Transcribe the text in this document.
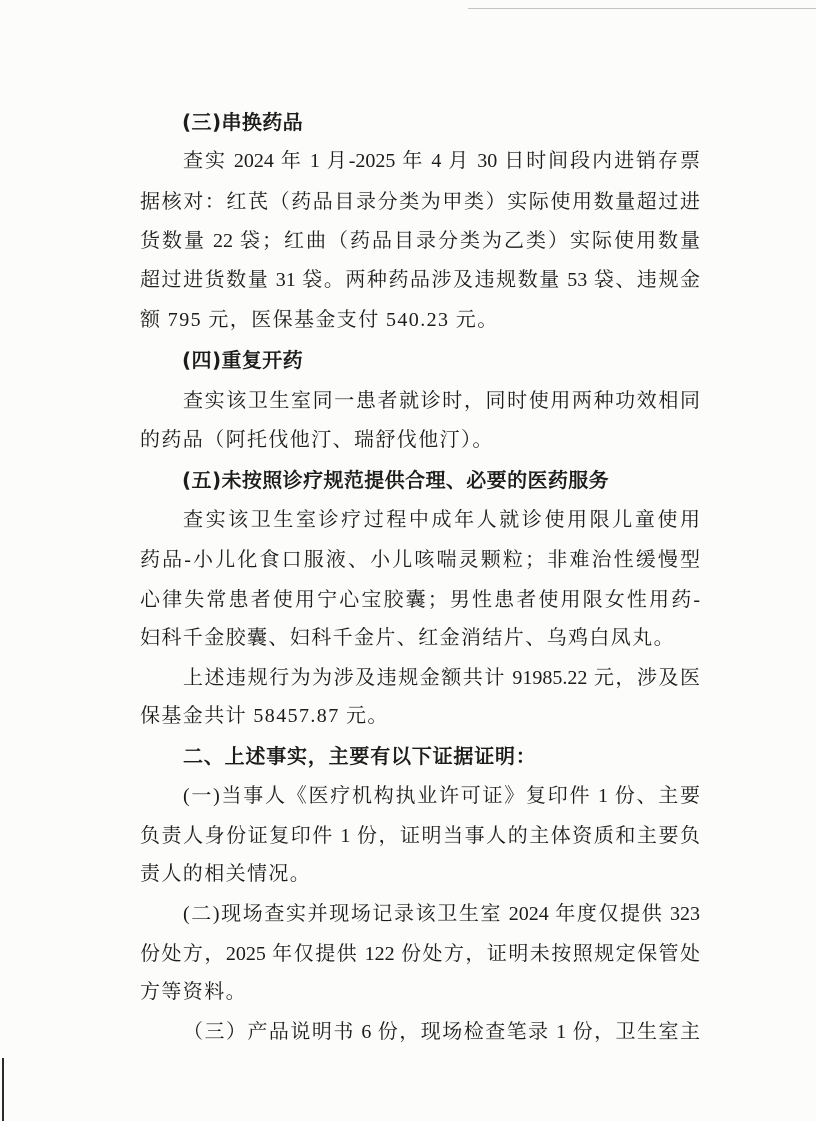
(三)串换药品
查实 2024 年 1 月-2025 年 4 月 30 日时间段内进销存票
据核对：红芪（药品目录分类为甲类）实际使用数量超过进
货数量 22 袋；红曲（药品目录分类为乙类）实际使用数量
超过进货数量 31 袋。两种药品涉及违规数量 53 袋、违规金
额 795 元，医保基金支付 540.23 元。
(四)重复开药
查实该卫生室同一患者就诊时，同时使用两种功效相同
的药品（阿托伐他汀、瑞舒伐他汀）。
(五)未按照诊疗规范提供合理、必要的医药服务
查实该卫生室诊疗过程中成年人就诊使用限儿童使用
药品-小儿化食口服液、小儿咳喘灵颗粒；非难治性缓慢型
心律失常患者使用宁心宝胶囊；男性患者使用限女性用药-
妇科千金胶囊、妇科千金片、红金消结片、乌鸡白凤丸。
上述违规行为为涉及违规金额共计 91985.22 元，涉及医
保基金共计 58457.87 元。
二、上述事实，主要有以下证据证明：
(一)当事人《医疗机构执业许可证》复印件 1 份、主要
负责人身份证复印件 1 份，证明当事人的主体资质和主要负
责人的相关情况。
(二)现场查实并现场记录该卫生室 2024 年度仅提供 323
份处方，2025 年仅提供 122 份处方，证明未按照规定保管处
方等资料。
（三）产品说明书 6 份，现场检查笔录 1 份，卫生室主
